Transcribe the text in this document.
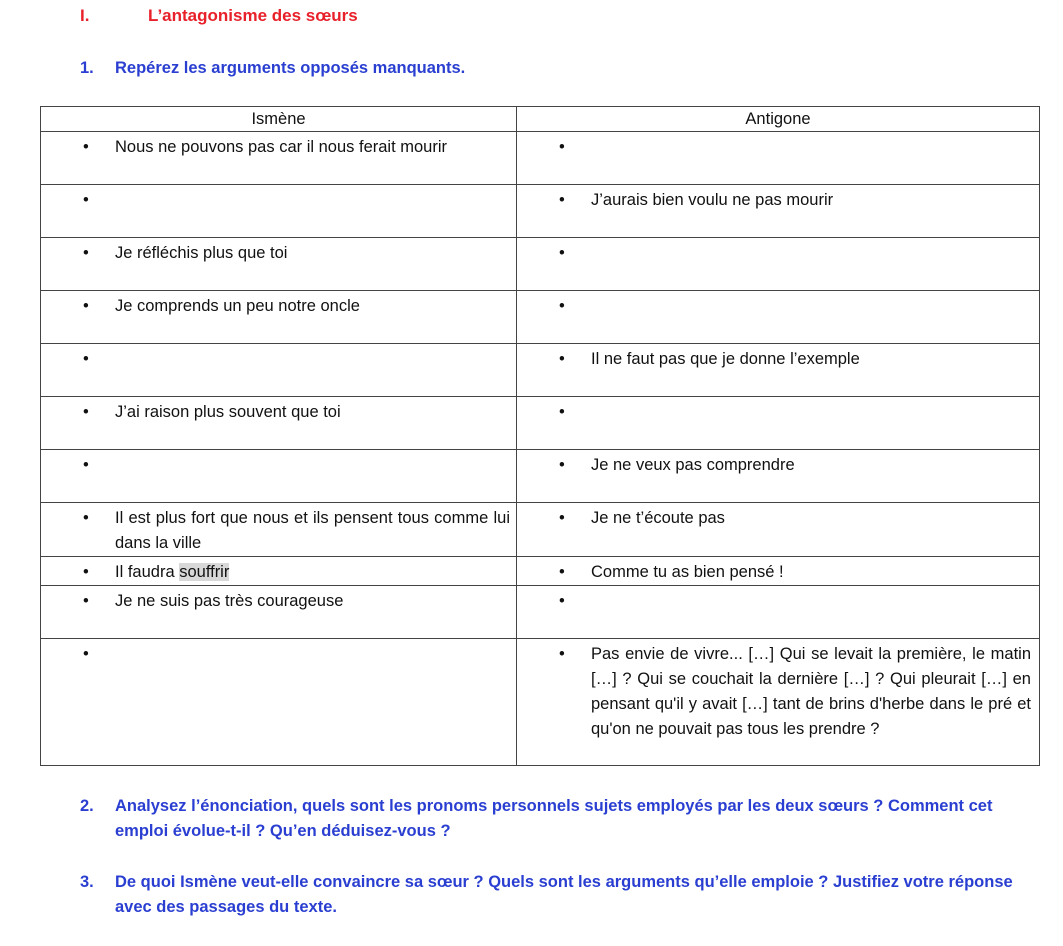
I.	L’antagonisme des sœurs
1. Repérez les arguments opposés manquants.
Ismène	Antigone

• Nous ne pouvons pas car il nous ferait mourir	•

•	• J’aurais bien voulu ne pas mourir

• Je réfléchis plus que toi	•

• Je comprends un peu notre oncle	•

•	• Il ne faut pas que je donne l’exemple

• J’ai raison plus souvent que toi	•

•	• Je ne veux pas comprendre

• Il est plus fort que nous et ils pensent tous comme lui dans la ville	• Je ne t’écoute pas

• Il faudra souffrir	• Comme tu as bien pensé !

• Je ne suis pas très courageuse	•

•	• Pas envie de vivre... […] Qui se levait la première, le matin […] ? Qui se couchait la dernière […] ? Qui pleurait […] en pensant qu'il y avait […] tant de brins d'herbe dans le pré et qu'on ne pouvait pas tous les prendre ?
2. Analysez l’énonciation, quels sont les pronoms personnels sujets employés par les deux sœurs ? Comment cet emploi évolue-t-il ? Qu’en déduisez-vous ?
3. De quoi Ismène veut-elle convaincre sa sœur ? Quels sont les arguments qu’elle emploie ? Justifiez votre réponse avec des passages du texte.
